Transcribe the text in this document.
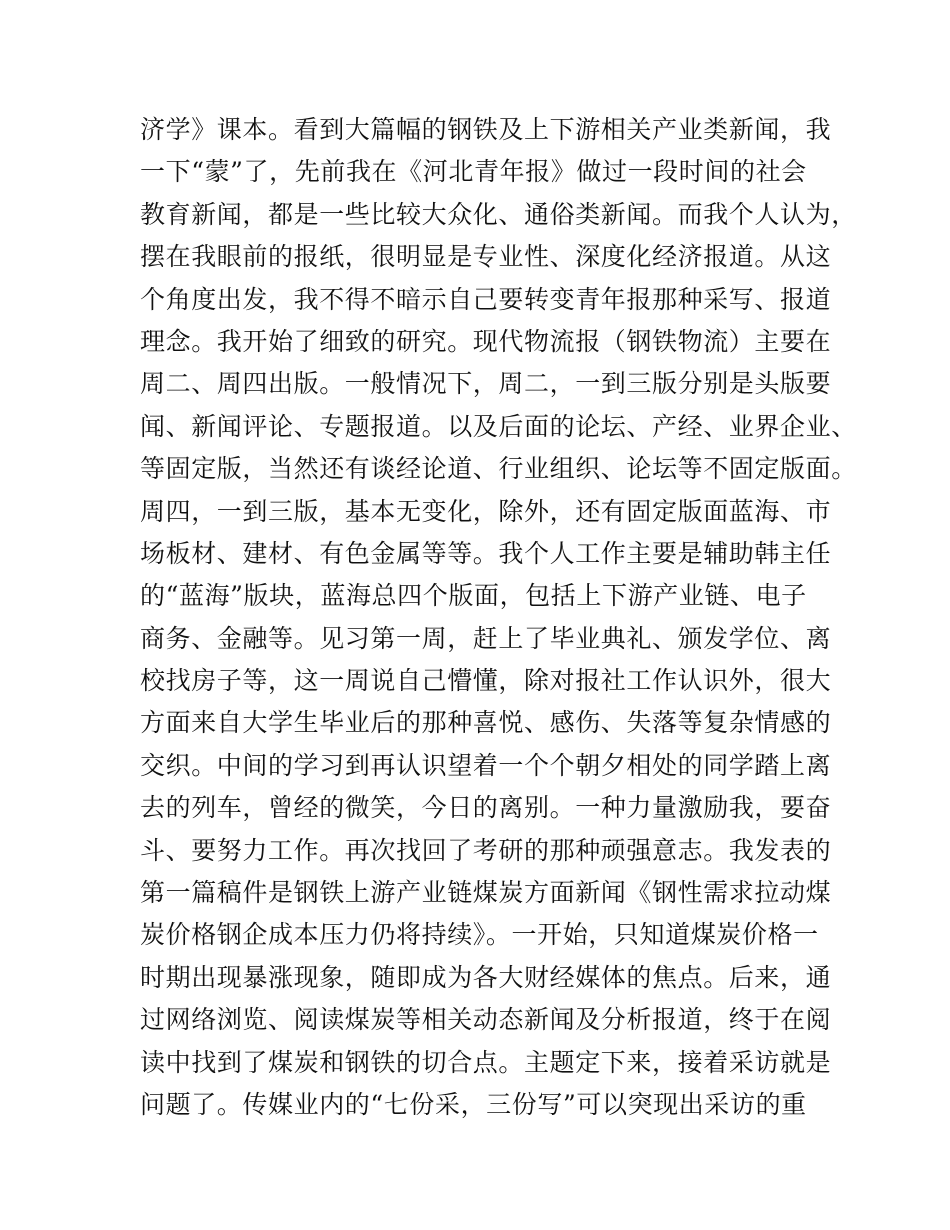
济学》课本。看到大篇幅的钢铁及上下游相关产业类新闻，我
一下“蒙”了，先前我在《河北青年报》做过一段时间的社会
教育新闻，都是一些比较大众化、通俗类新闻。而我个人认为，
摆在我眼前的报纸，很明显是专业性、深度化经济报道。从这
个角度出发，我不得不暗示自己要转变青年报那种采写、报道
理念。我开始了细致的研究。现代物流报（钢铁物流）主要在
周二、周四出版。一般情况下，周二，一到三版分别是头版要
闻、新闻评论、专题报道。以及后面的论坛、产经、业界企业、
等固定版，当然还有谈经论道、行业组织、论坛等不固定版面。
周四，一到三版，基本无变化，除外，还有固定版面蓝海、市
场板材、建材、有色金属等等。我个人工作主要是辅助韩主任
的“蓝海”版块，蓝海总四个版面，包括上下游产业链、电子
商务、金融等。见习第一周，赶上了毕业典礼、颁发学位、离
校找房子等，这一周说自己懵懂，除对报社工作认识外，很大
方面来自大学生毕业后的那种喜悦、感伤、失落等复杂情感的
交织。中间的学习到再认识望着一个个朝夕相处的同学踏上离
去的列车，曾经的微笑，今日的离别。一种力量激励我，要奋
斗、要努力工作。再次找回了考研的那种顽强意志。我发表的
第一篇稿件是钢铁上游产业链煤炭方面新闻《钢性需求拉动煤
炭价格钢企成本压力仍将持续》。一开始，只知道煤炭价格一
时期出现暴涨现象，随即成为各大财经媒体的焦点。后来，通
过网络浏览、阅读煤炭等相关动态新闻及分析报道，终于在阅
读中找到了煤炭和钢铁的切合点。主题定下来，接着采访就是
问题了。传媒业内的“七份采，三份写”可以突现出采访的重
